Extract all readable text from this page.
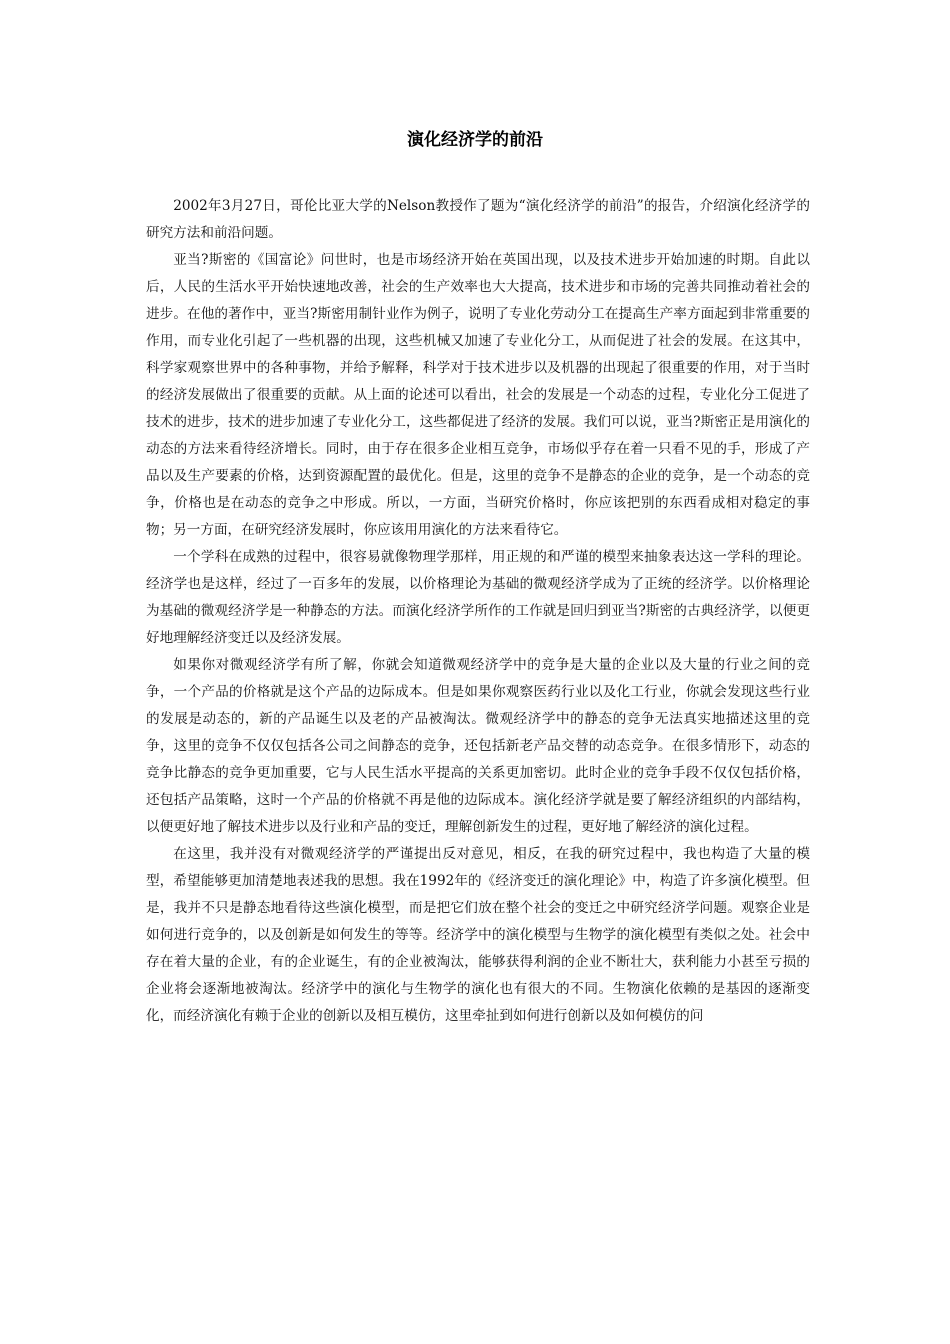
演化经济学的前沿

2002年3月27日，哥伦比亚大学的Nelson教授作了题为“演化经济学的前沿”的报告，介绍演化经济学的研究方法和前沿问题。

亚当?斯密的《国富论》问世时，也是市场经济开始在英国出现，以及技术进步开始加速的时期。自此以后，人民的生活水平开始快速地改善，社会的生产效率也大大提高，技术进步和市场的完善共同推动着社会的进步。在他的著作中，亚当?斯密用制针业作为例子，说明了专业化劳动分工在提高生产率方面起到非常重要的作用，而专业化引起了一些机器的出现，这些机械又加速了专业化分工，从而促进了社会的发展。在这其中，科学家观察世界中的各种事物，并给予解释，科学对于技术进步以及机器的出现起了很重要的作用，对于当时的经济发展做出了很重要的贡献。从上面的论述可以看出，社会的发展是一个动态的过程，专业化分工促进了技术的进步，技术的进步加速了专业化分工，这些都促进了经济的发展。我们可以说，亚当?斯密正是用演化的动态的方法来看待经济增长。同时，由于存在很多企业相互竞争，市场似乎存在着一只看不见的手，形成了产品以及生产要素的价格，达到资源配置的最优化。但是，这里的竞争不是静态的企业的竞争，是一个动态的竞争，价格也是在动态的竞争之中形成。所以，一方面，当研究价格时，你应该把别的东西看成相对稳定的事物；另一方面，在研究经济发展时，你应该用用演化的方法来看待它。

一个学科在成熟的过程中，很容易就像物理学那样，用正规的和严谨的模型来抽象表达这一学科的理论。经济学也是这样，经过了一百多年的发展，以价格理论为基础的微观经济学成为了正统的经济学。以价格理论为基础的微观经济学是一种静态的方法。而演化经济学所作的工作就是回归到亚当?斯密的古典经济学，以便更好地理解经济变迁以及经济发展。

如果你对微观经济学有所了解，你就会知道微观经济学中的竞争是大量的企业以及大量的行业之间的竞争，一个产品的价格就是这个产品的边际成本。但是如果你观察医药行业以及化工行业，你就会发现这些行业的发展是动态的，新的产品诞生以及老的产品被淘汰。微观经济学中的静态的竞争无法真实地描述这里的竞争，这里的竞争不仅仅包括各公司之间静态的竞争，还包括新老产品交替的动态竞争。在很多情形下，动态的竞争比静态的竞争更加重要，它与人民生活水平提高的关系更加密切。此时企业的竞争手段不仅仅包括价格，还包括产品策略，这时一个产品的价格就不再是他的边际成本。演化经济学就是要了解经济组织的内部结构，以便更好地了解技术进步以及行业和产品的变迁，理解创新发生的过程，更好地了解经济的演化过程。

在这里，我并没有对微观经济学的严谨提出反对意见，相反，在我的研究过程中，我也构造了大量的模型，希望能够更加清楚地表述我的思想。我在1992年的《经济变迁的演化理论》中，构造了许多演化模型。但是，我并不只是静态地看待这些演化模型，而是把它们放在整个社会的变迁之中研究经济学问题。观察企业是如何进行竞争的，以及创新是如何发生的等等。经济学中的演化模型与生物学的演化模型有类似之处。社会中存在着大量的企业，有的企业诞生，有的企业被淘汰，能够获得利润的企业不断壮大，获利能力小甚至亏损的企业将会逐渐地被淘汰。经济学中的演化与生物学的演化也有很大的不同。生物演化依赖的是基因的逐渐变化，而经济演化有赖于企业的创新以及相互模仿，这里牵扯到如何进行创新以及如何模仿的问
